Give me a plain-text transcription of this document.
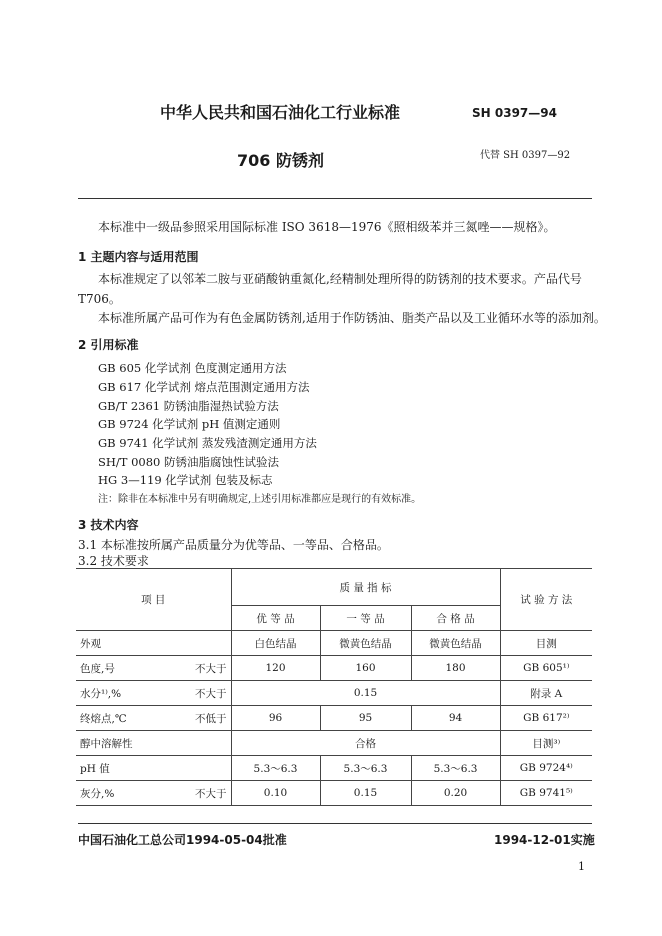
中华人民共和国石油化工行业标准	SH 0397—94
706 防锈剂	代替 SH 0397—92
本标准中一级品参照采用国际标准 ISO 3618—1976《照相级苯并三氮唑——规格》。
1 主题内容与适用范围
本标准规定了以邻苯二胺与亚硝酸钠重氮化,经精制处理所得的防锈剂的技术要求。产品代号
T706。
本标准所属产品可作为有色金属防锈剂,适用于作防锈油、脂类产品以及工业循环水等的添加剂。
2 引用标准
GB 605 化学试剂 色度测定通用方法
GB 617 化学试剂 熔点范围测定通用方法
GB/T 2361 防锈油脂湿热试验方法
GB 9724 化学试剂 pH 值测定通则
GB 9741 化学试剂 蒸发残渣测定通用方法
SH/T 0080 防锈油脂腐蚀性试验法
HG 3—119 化学试剂 包装及标志
注：除非在本标准中另有明确规定,上述引用标准都应是现行的有效标准。
3 技术内容
3.1 本标准按所属产品质量分为优等品、一等品、合格品。
3.2 技术要求
项 目	质 量 指 标			试 验 方 法
	优 等 品	一 等 品	合 格 品	
外观	白色结晶	微黄色结晶	微黄色结晶	目测
色度,号 不大于	120	160	180	GB 605¹⁾
水分¹⁾,% 不大于	0.15			附录 A
终熔点,℃ 不低于	96	95	94	GB 617²⁾
醇中溶解性	合格			目测³⁾
pH 值	5.3～6.3	5.3～6.3	5.3～6.3	GB 9724⁴⁾
灰分,% 不大于	0.10	0.15	0.20	GB 9741⁵⁾
中国石油化工总公司1994-05-04批准	1994-12-01实施
1
